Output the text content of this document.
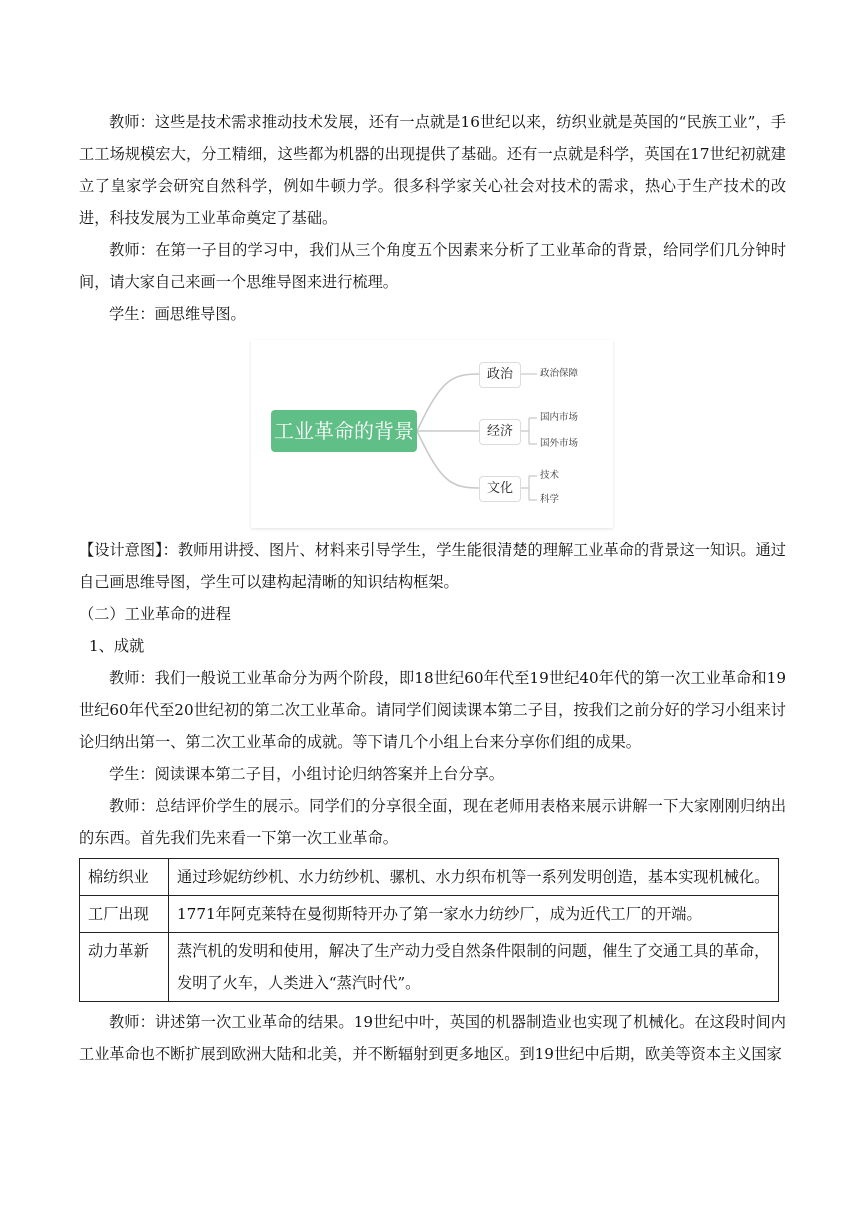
教师：这些是技术需求推动技术发展，还有一点就是16世纪以来，纺织业就是英国的“民族工业”，手工工场规模宏大，分工精细，这些都为机器的出现提供了基础。还有一点就是科学，英国在17世纪初就建立了皇家学会研究自然科学，例如牛顿力学。很多科学家关心社会对技术的需求，热心于生产技术的改进，科技发展为工业革命奠定了基础。

教师：在第一子目的学习中，我们从三个角度五个因素来分析了工业革命的背景，给同学们几分钟时间，请大家自己来画一个思维导图来进行梳理。

学生：画思维导图。

工业革命的背景
政治
经济
文化
政治保障
国内市场
国外市场
技术
科学

【设计意图】：教师用讲授、图片、材料来引导学生，学生能很清楚的理解工业革命的背景这一知识。通过自己画思维导图，学生可以建构起清晰的知识结构框架。

（二）工业革命的进程

1、成就

教师：我们一般说工业革命分为两个阶段，即18世纪60年代至19世纪40年代的第一次工业革命和19世纪60年代至20世纪初的第二次工业革命。请同学们阅读课本第二子目，按我们之前分好的学习小组来讨论归纳出第一、第二次工业革命的成就。等下请几个小组上台来分享你们组的成果。

学生：阅读课本第二子目，小组讨论归纳答案并上台分享。

教师：总结评价学生的展示。同学们的分享很全面，现在老师用表格来展示讲解一下大家刚刚归纳出的东西。首先我们先来看一下第一次工业革命。

棉纺织业	通过珍妮纺纱机、水力纺纱机、骡机、水力织布机等一系列发明创造，基本实现机械化。
工厂出现	1771年阿克莱特在曼彻斯特开办了第一家水力纺纱厂，成为近代工厂的开端。
动力革新	蒸汽机的发明和使用，解决了生产动力受自然条件限制的问题，催生了交通工具的革命，发明了火车，人类进入“蒸汽时代”。

教师：讲述第一次工业革命的结果。19世纪中叶，英国的机器制造业也实现了机械化。在这段时间内工业革命也不断扩展到欧洲大陆和北美，并不断辐射到更多地区。到19世纪中后期，欧美等资本主义国家
